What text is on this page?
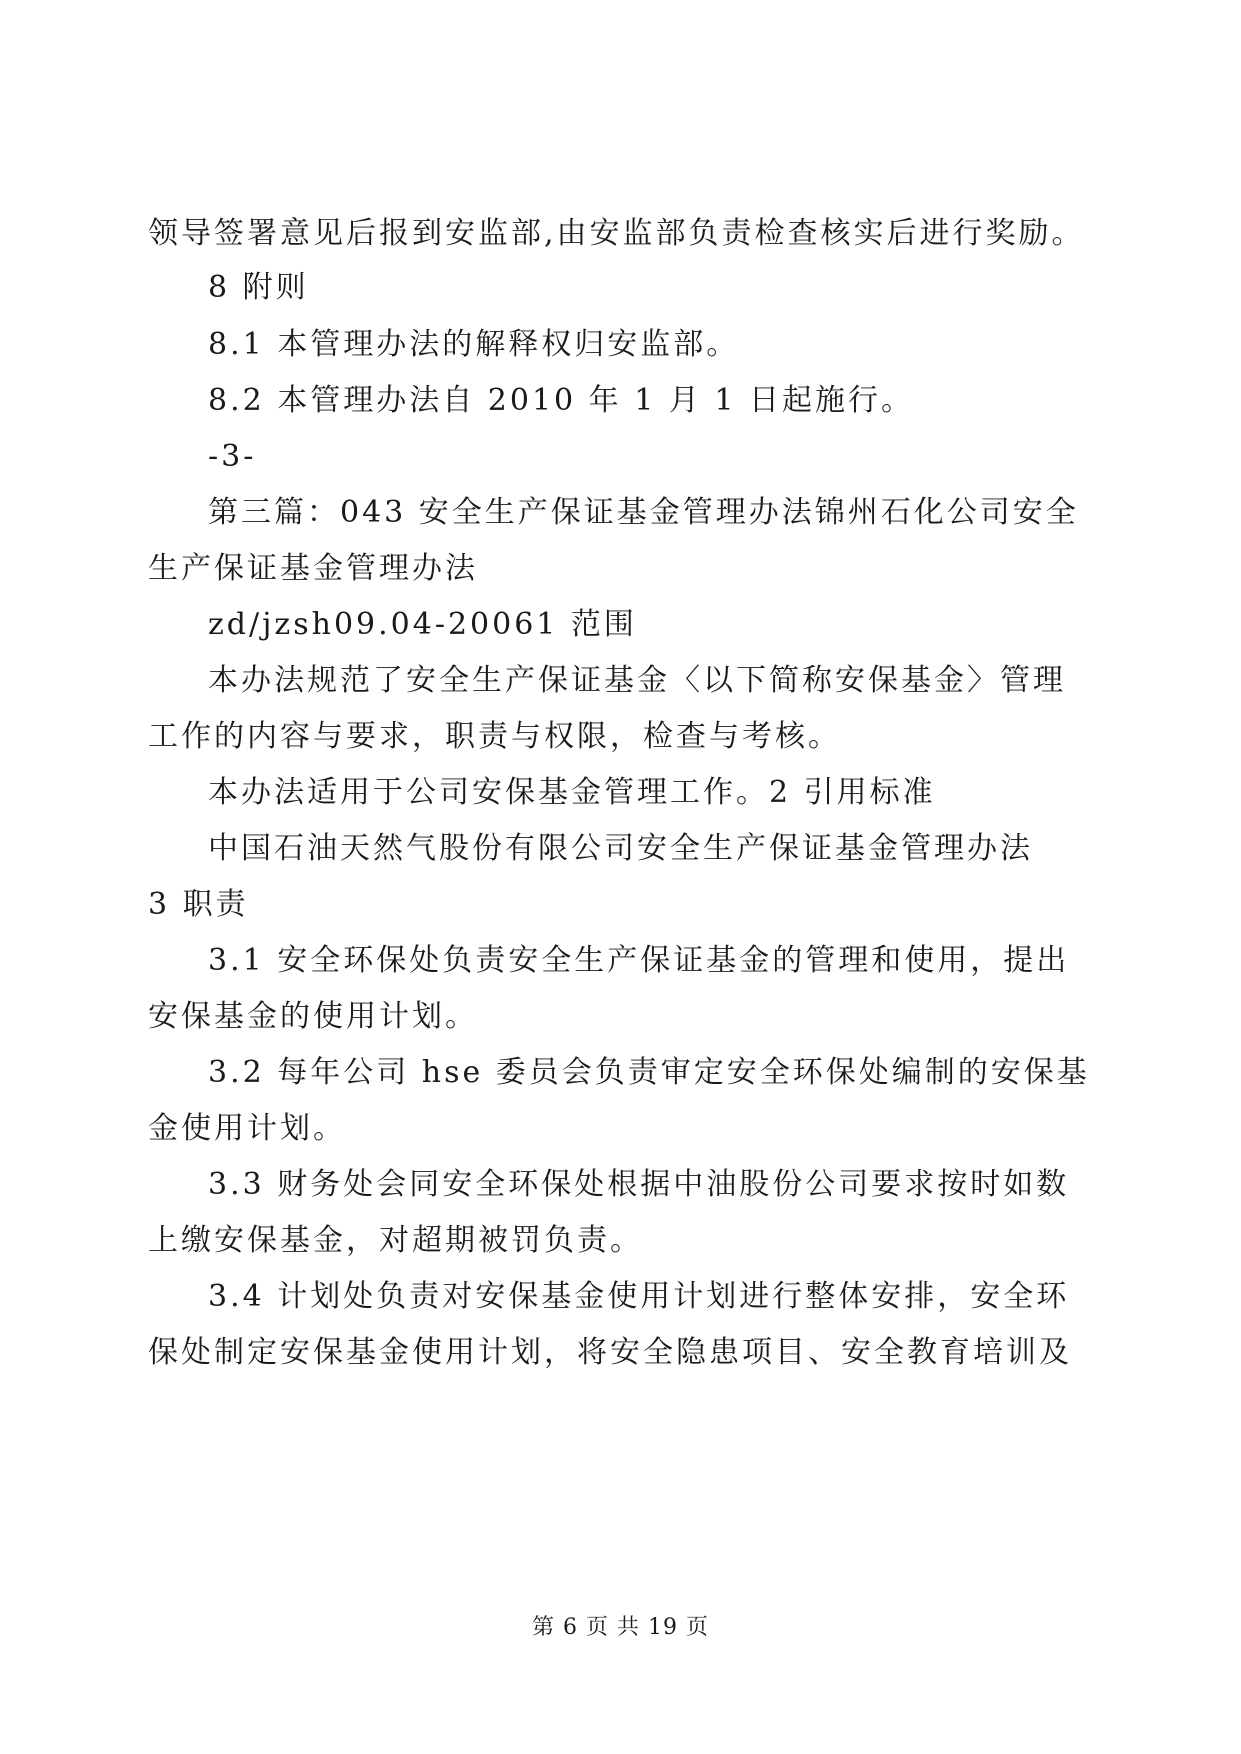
领导签署意见后报到安监部,由安监部负责检查核实后进行奖励。
8 附则
8.1 本管理办法的解释权归安监部。
8.2 本管理办法自 2010 年 1 月 1 日起施行。
-3-
第三篇：043 安全生产保证基金管理办法锦州石化公司安全
生产保证基金管理办法
zd/jzsh09.04-20061 范围
本办法规范了安全生产保证基金〈以下简称安保基金〉管理
工作的内容与要求，职责与权限，检查与考核。
本办法适用于公司安保基金管理工作。2 引用标准
中国石油天然气股份有限公司安全生产保证基金管理办法
3 职责
3.1 安全环保处负责安全生产保证基金的管理和使用，提出
安保基金的使用计划。
3.2 每年公司 hse 委员会负责审定安全环保处编制的安保基
金使用计划。
3.3 财务处会同安全环保处根据中油股份公司要求按时如数
上缴安保基金，对超期被罚负责。
3.4 计划处负责对安保基金使用计划进行整体安排，安全环
保处制定安保基金使用计划，将安全隐患项目、安全教育培训及
第 6 页 共 19 页
